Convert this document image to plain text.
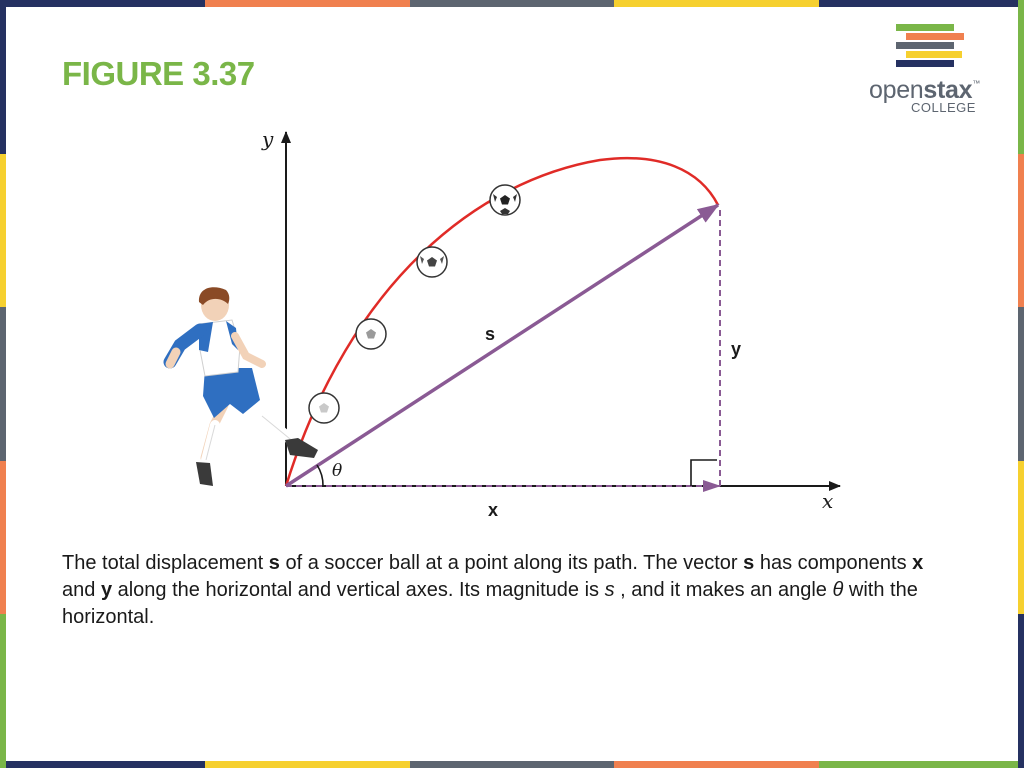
FIGURE 3.37	openstax™
COLLEGE
y
x
x
y
s
θ

The total displacement s of a soccer ball at a point along its path. The vector s has components x and y along the horizontal and vertical axes. Its magnitude is s , and it makes an angle θ with the horizontal.
